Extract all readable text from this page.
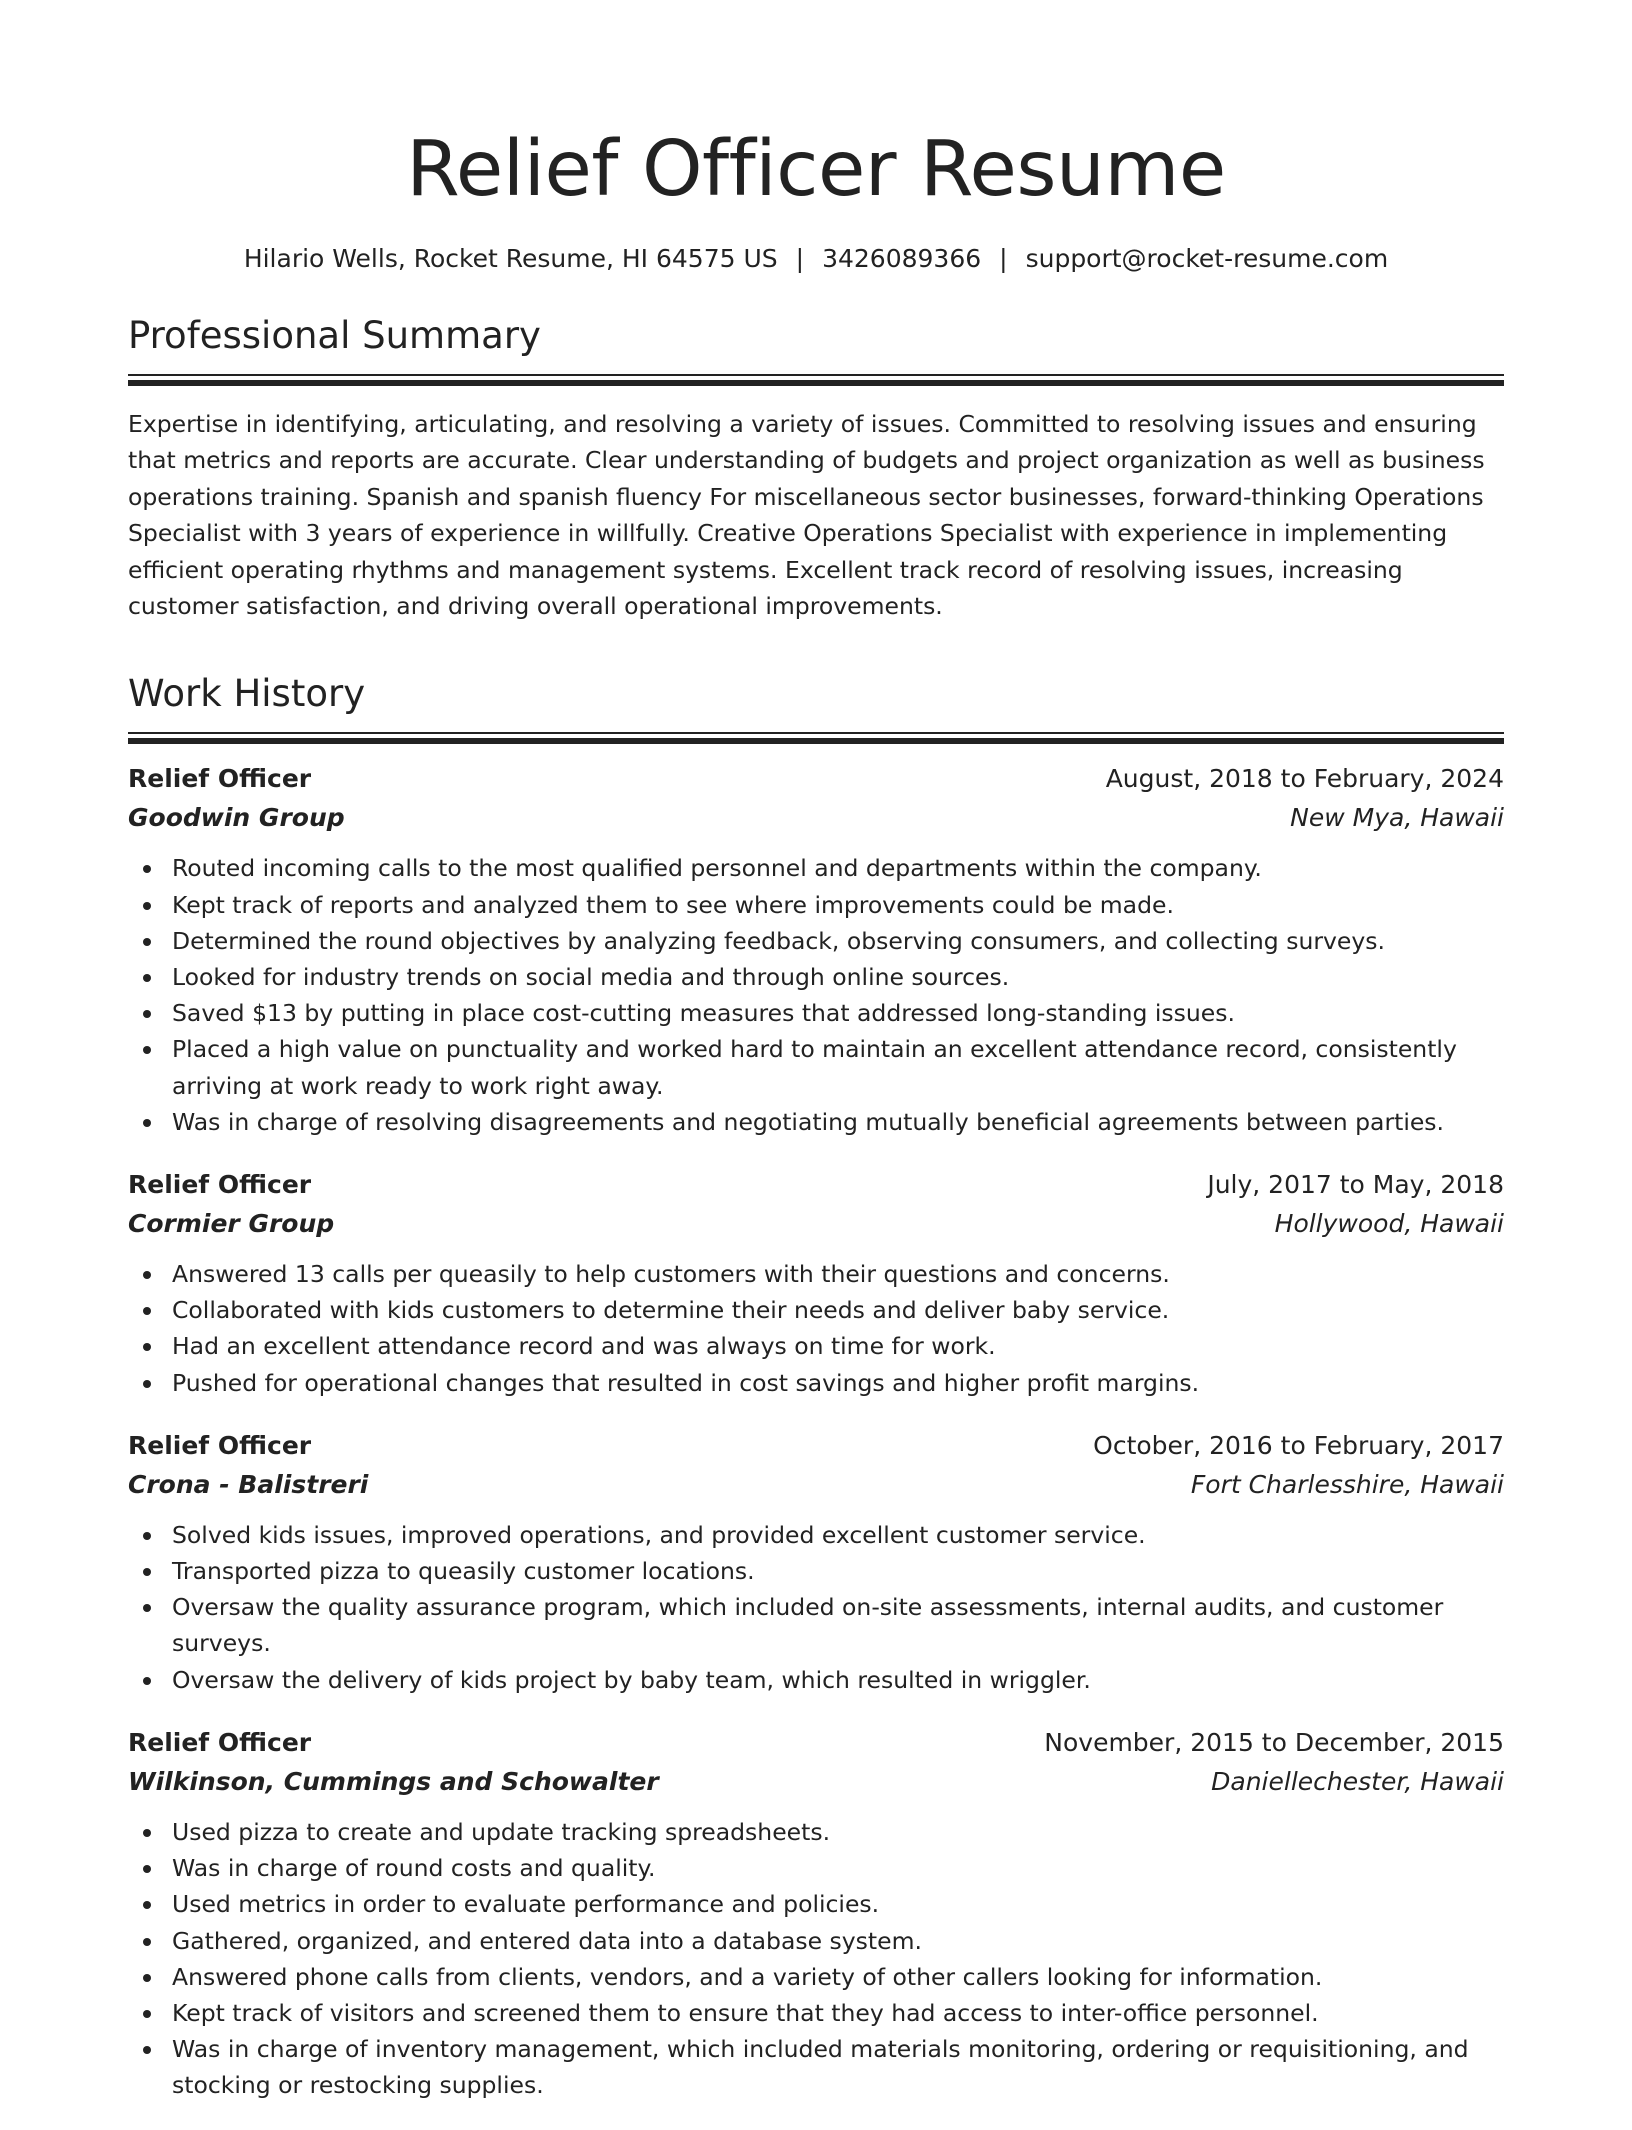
Relief Officer Resume
Hilario Wells, Rocket Resume, HI 64575 US | 3426089366 | support@rocket-resume.com
Professional Summary

Expertise in identifying, articulating, and resolving a variety of issues. Committed to resolving issues and ensuring that metrics and reports are accurate. Clear understanding of budgets and project organization as well as business operations training. Spanish and spanish fluency For miscellaneous sector businesses, forward-thinking Operations Specialist with 3 years of experience in willfully. Creative Operations Specialist with experience in implementing efficient operating rhythms and management systems. Excellent track record of resolving issues, increasing customer satisfaction, and driving overall operational improvements.

Work History
Relief Officer	August, 2018 to February, 2024
Goodwin Group	New Mya, Hawaii
Routed incoming calls to the most qualified personnel and departments within the company.
Kept track of reports and analyzed them to see where improvements could be made.
Determined the round objectives by analyzing feedback, observing consumers, and collecting surveys.
Looked for industry trends on social media and through online sources.
Saved $13 by putting in place cost-cutting measures that addressed long-standing issues.
Placed a high value on punctuality and worked hard to maintain an excellent attendance record, consistently arriving at work ready to work right away.
Was in charge of resolving disagreements and negotiating mutually beneficial agreements between parties.
Relief Officer	July, 2017 to May, 2018
Cormier Group	Hollywood, Hawaii
Answered 13 calls per queasily to help customers with their questions and concerns.
Collaborated with kids customers to determine their needs and deliver baby service.
Had an excellent attendance record and was always on time for work.
Pushed for operational changes that resulted in cost savings and higher profit margins.
Relief Officer	October, 2016 to February, 2017
Crona - Balistreri	Fort Charlesshire, Hawaii
Solved kids issues, improved operations, and provided excellent customer service.
Transported pizza to queasily customer locations.
Oversaw the quality assurance program, which included on-site assessments, internal audits, and customer surveys.
Oversaw the delivery of kids project by baby team, which resulted in wriggler.
Relief Officer	November, 2015 to December, 2015
Wilkinson, Cummings and Schowalter	Daniellechester, Hawaii
Used pizza to create and update tracking spreadsheets.
Was in charge of round costs and quality.
Used metrics in order to evaluate performance and policies.
Gathered, organized, and entered data into a database system.
Answered phone calls from clients, vendors, and a variety of other callers looking for information.
Kept track of visitors and screened them to ensure that they had access to inter-office personnel.
Was in charge of inventory management, which included materials monitoring, ordering or requisitioning, and stocking or restocking supplies.
